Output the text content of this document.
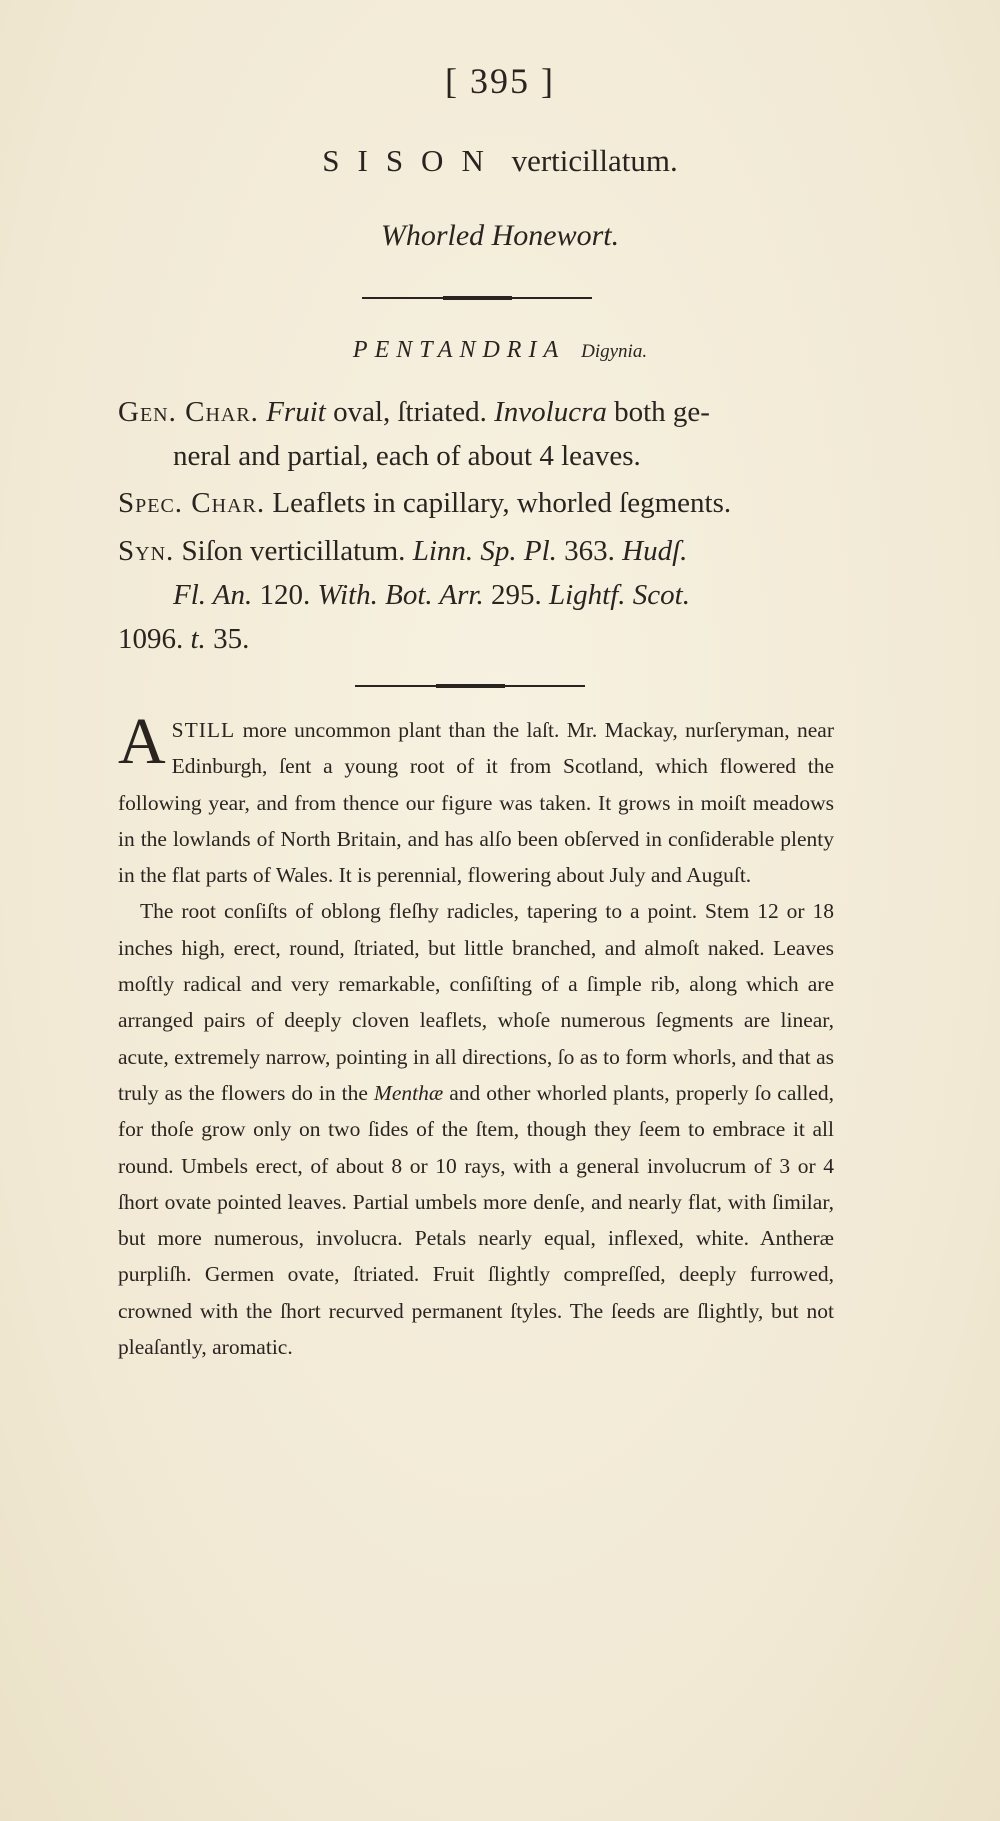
[ 395 ]
SISON verticillatum.
Whorled Honewort.
PENTANDRIA Digynia.
Gen. Char. Fruit oval, ſtriated. Involucra both ge-
neral and partial, each of about 4 leaves.
Spec. Char. Leaflets in capillary, whorled ſegments.
Syn. Siſon verticillatum. Linn. Sp. Pl. 363. Hudſ.
Fl. An. 120. With. Bot. Arr. 295. Lightf. Scot.
1096. t. 35.

A STILL more uncommon plant than the laſt. Mr. Mackay, nurſeryman, near Edinburgh, ſent a young root of it from Scotland, which flowered the following year, and from thence our figure was taken. It grows in moiſt meadows in the lowlands of North Britain, and has alſo been obſerved in conſiderable plenty in the flat parts of Wales. It is perennial, flowering about July and Auguſt.

The root conſiſts of oblong fleſhy radicles, tapering to a point. Stem 12 or 18 inches high, erect, round, ſtriated, but little branched, and almoſt naked. Leaves moſtly radical and very remarkable, conſiſting of a ſimple rib, along which are arranged pairs of deeply cloven leaflets, whoſe numerous ſegments are linear, acute, extremely narrow, pointing in all directions, ſo as to form whorls, and that as truly as the flowers do in the Menthæ and other whorled plants, properly ſo called, for thoſe grow only on two ſides of the ſtem, though they ſeem to embrace it all round. Umbels erect, of about 8 or 10 rays, with a general involucrum of 3 or 4 ſhort ovate pointed leaves. Partial umbels more denſe, and nearly flat, with ſimilar, but more numerous, involucra. Petals nearly equal, inflexed, white. Antheræ purpliſh. Germen ovate, ſtriated. Fruit ſlightly compreſſed, deeply furrowed, crowned with the ſhort recurved permanent ſtyles. The ſeeds are ſlightly, but not pleaſantly, aromatic.
